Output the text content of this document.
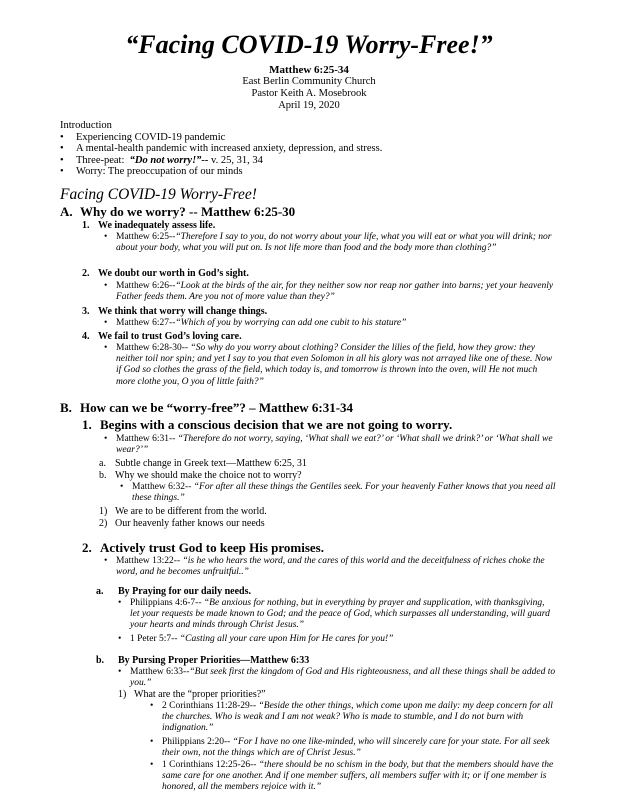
“Facing COVID-19 Worry-Free!”
Matthew 6:25-34
East Berlin Community Church
Pastor Keith A. Mosebrook
April 19, 2020
Introduction
• Experiencing COVID-19 pandemic
• A mental-health pandemic with increased anxiety, depression, and stress.
• Three-peat: “Do not worry!”-- v. 25, 31, 34
• Worry: The preoccupation of our minds
Facing COVID-19 Worry-Free!
A. Why do we worry? -- Matthew 6:25-30
1. We inadequately assess life.
• Matthew 6:25--“Therefore I say to you, do not worry about your life, what you will eat or what you will drink; nor about your body, what you will put on. Is not life more than food and the body more than clothing?”
2. We doubt our worth in God’s sight.
• Matthew 6:26--“Look at the birds of the air, for they neither sow nor reap nor gather into barns; yet your heavenly Father feeds them. Are you not of more value than they?”
3. We think that worry will change things.
• Matthew 6:27--“Which of you by worrying can add one cubit to his stature”
4. We fail to trust God’s loving care.
• Matthew 6:28-30-- “So why do you worry about clothing? Consider the lilies of the field, how they grow: they neither toil nor spin; and yet I say to you that even Solomon in all his glory was not arrayed like one of these. Now if God so clothes the grass of the field, which today is, and tomorrow is thrown into the oven, will He not much more clothe you, O you of little faith?”
B. How can we be “worry-free”? – Matthew 6:31-34
1. Begins with a conscious decision that we are not going to worry.
• Matthew 6:31-- “Therefore do not worry, saying, ‘What shall we eat?’ or ‘What shall we drink?’ or ‘What shall we wear?’”
a. Subtle change in Greek text—Matthew 6:25, 31
b. Why we should make the choice not to worry?
• Matthew 6:32-- “For after all these things the Gentiles seek. For your heavenly Father knows that you need all these things.”
1) We are to be different from the world.
2) Our heavenly father knows our needs
2. Actively trust God to keep His promises.
• Matthew 13:22-- “is he who hears the word, and the cares of this world and the deceitfulness of riches choke the word, and he becomes unfruitful..”
a. By Praying for our daily needs.
• Philippians 4:6-7-- “Be anxious for nothing, but in everything by prayer and supplication, with thanksgiving, let your requests be made known to God; and the peace of God, which surpasses all understanding, will guard your hearts and minds through Christ Jesus.”
• 1 Peter 5:7-- “Casting all your care upon Him for He cares for you!”
b. By Pursing Proper Priorities—Matthew 6:33
• Matthew 6:33--“But seek first the kingdom of God and His righteousness, and all these things shall be added to you.”
1) What are the “proper priorities?”
• 2 Corinthians 11:28-29-- “Beside the other things, which come upon me daily: my deep concern for all the churches. Who is weak and I am not weak? Who is made to stumble, and I do not burn with indignation.”
• Philippians 2:20-- “For I have no one like-minded, who will sincerely care for your state. For all seek their own, not the things which are of Christ Jesus.”
• 1 Corinthians 12:25-26-- “there should be no schism in the body, but that the members should have the same care for one another. And if one member suffers, all members suffer with it; or if one member is honored, all the members rejoice with it.”
